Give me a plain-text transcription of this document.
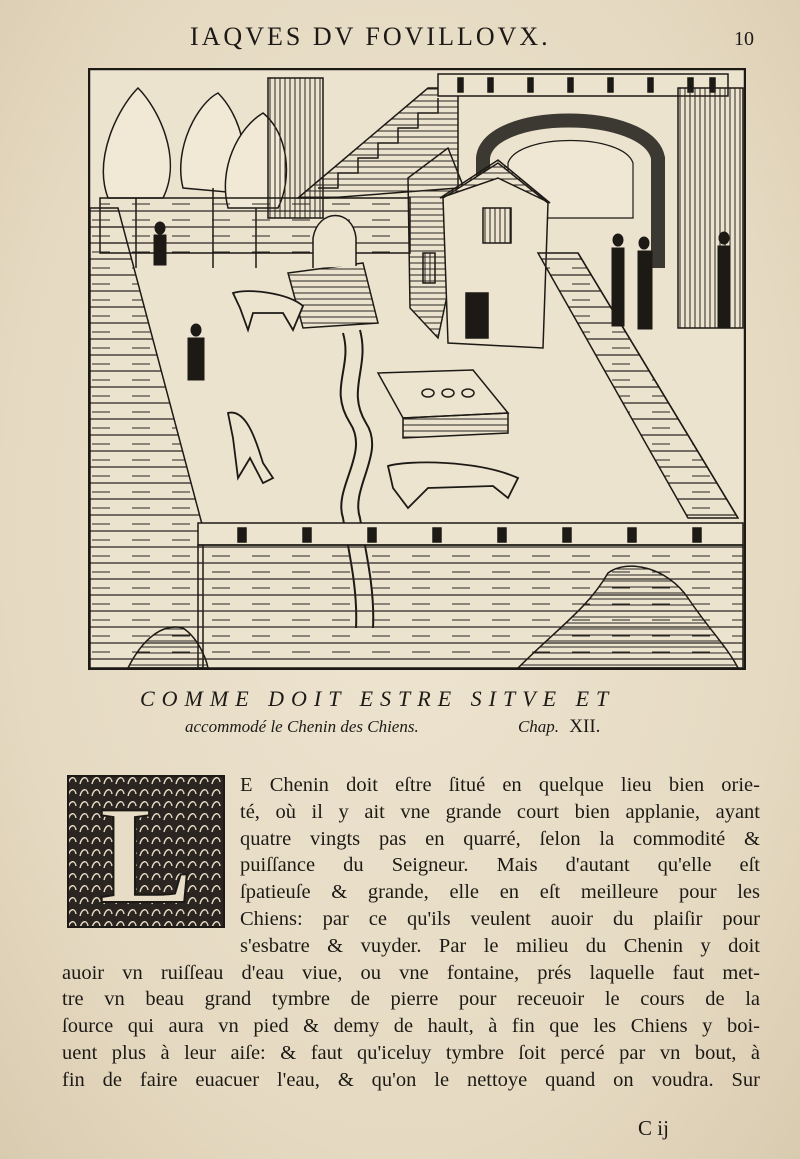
IAQVES DV FOVILLOVX.	10
COMME DOIT ESTRE SITVE ET
accommodé le Chenin des Chiens.	Chap. XII.
L	E Chenin doit eſtre ſitué en quelque lieu bien orie-
té, où il y ait vne grande court bien applanie, ayant
quatre vingts pas en quarré, ſelon la commodité &
puiſſance du Seigneur. Mais d'autant qu'elle eſt
ſpatieuſe & grande, elle en eſt meilleure pour les
Chiens: par ce qu'ils veulent auoir du plaiſir pour
s'esbatre & vuyder. Par le milieu du Chenin y doit
auoir vn ruiſſeau d'eau viue, ou vne fontaine, prés laquelle faut met-
tre vn beau grand tymbre de pierre pour receuoir le cours de la
ſource qui aura vn pied & demy de hault, à fin que les Chiens y boi-
uent plus à leur aiſe: & faut qu'iceluy tymbre ſoit percé par vn bout, à
fin de faire euacuer l'eau, & qu'on le nettoye quand on voudra. Sur
C ij
